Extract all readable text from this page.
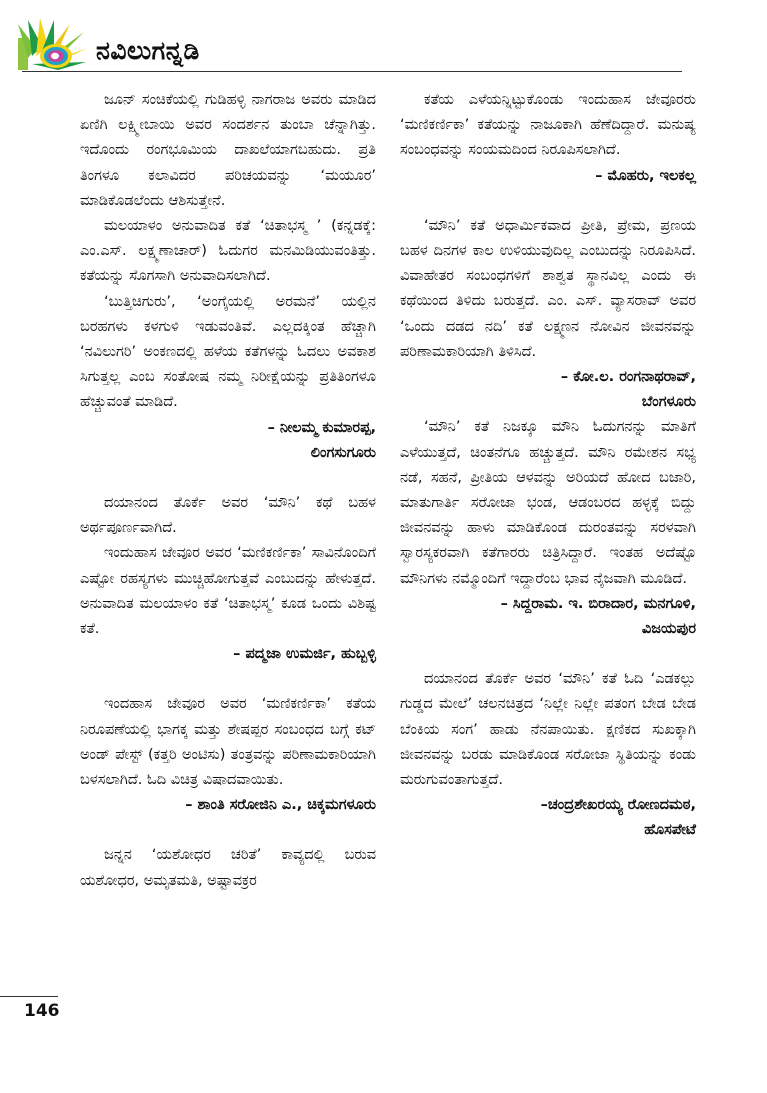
ನವಿಲುಗನ್ನಡಿ

ಜೂನ್ ಸಂಚಿಕೆಯಲ್ಲಿ ಗುಡಿಹಳ್ಳಿ ನಾಗರಾಜ ಅವರು ಮಾಡಿದ ಏಣಿಗಿ ಲಕ್ಷ್ಮೀಬಾಯಿ ಅವರ ಸಂದರ್ಶನ ತುಂಬಾ ಚೆನ್ನಾಗಿತ್ತು. ಇದೊಂದು ರಂಗಭೂಮಿಯ ದಾಖಲೆಯಾಗಬಹುದು. ಪ್ರತಿ ತಿಂಗಳೂ ಕಲಾವಿದರ ಪರಿಚಯವನ್ನು ‘ಮಯೂರ’ ಮಾಡಿಕೊಡಲೆಂದು ಆಶಿಸುತ್ತೇನೆ.

ಮಲಯಾಳಂ ಅನುವಾದಿತ ಕತೆ ‘ಚಿತಾಭಸ್ಮ ’ (ಕನ್ನಡಕ್ಕೆ: ಎಂ.ಎಸ್. ಲಕ್ಷ್ಮಣಾಚಾರ್) ಓದುಗರ ಮನಮಿಡಿಯುವಂತಿತ್ತು. ಕತೆಯನ್ನು ಸೊಗಸಾಗಿ ಅನುವಾದಿಸಲಾಗಿದೆ.

‘ಬುತ್ತಿಚಿಗುರು’, ‘ಅಂಗೈಯಲ್ಲಿ ಅರಮನೆ’ ಯಲ್ಲಿನ ಬರಹಗಳು ಕಳಗುಳಿ ಇಡುವಂತಿವೆ. ಎಲ್ಲದಕ್ಕಿಂತ ಹೆಚ್ಚಾಗಿ ‘ನವಿಲುಗರಿ’ ಅಂಕಣದಲ್ಲಿ ಹಳೆಯ ಕತೆಗಳನ್ನು ಓದಲು ಅವಕಾಶ ಸಿಗುತ್ತಲ್ಲ ಎಂಬ ಸಂತೋಷ ನಮ್ಮ ನಿರೀಕ್ಷೆಯನ್ನು ಪ್ರತಿತಿಂಗಳೂ ಹೆಚ್ಚುವಂತೆ ಮಾಡಿದೆ.

– ನೀಲಮ್ಮ ಕುಮಾರಪ್ಪ,

ಲಿಂಗಸುಗೂರು

ದಯಾನಂದ ತೊರ್ಕೆ ಅವರ ‘ಮೌನಿ’ ಕಥೆ ಬಹಳ ಅರ್ಥಪೂರ್ಣವಾಗಿದೆ.

ಇಂದುಹಾಸ ಜೇವೂರ ಅವರ ‘ಮಣಿಕರ್ಣಿಕಾ’ ಸಾವಿನೊಂದಿಗೆ ಎಷ್ಟೋ ರಹಸ್ಯಗಳು ಮುಚ್ಚಿಹೋಗುತ್ತವೆ ಎಂಬುದನ್ನು ಹೇಳುತ್ತದೆ. ಅನುವಾದಿತ ಮಲಯಾಳಂ ಕತೆ ‘ಚಿತಾಭಸ್ಮ’ ಕೂಡ ಒಂದು ವಿಶಿಷ್ಟ ಕತೆ.

– ಪದ್ಮಜಾ ಉಮರ್ಜಿ, ಹುಬ್ಬಳ್ಳಿ

ಇಂದಹಾಸ ಜೇವೂರ ಅವರ ‘ಮಣಿಕರ್ಣಿಕಾ’ ಕತೆಯ ನಿರೂಪಣೆಯಲ್ಲಿ ಭಾಗಕ್ಕ ಮತ್ತು ಶೇಷಪ್ಪರ ಸಂಬಂಧದ ಬಗ್ಗೆ ಕಟ್ ಅಂಡ್ ಪೇಸ್ಟ್ (ಕತ್ತರಿ ಅಂಟಿಸು) ತಂತ್ರವನ್ನು ಪರಿಣಾಮಕಾರಿಯಾಗಿ ಬಳಸಲಾಗಿದೆ. ಓದಿ ವಿಚಿತ್ರ ವಿಷಾದವಾಯಿತು.

– ಶಾಂತಿ ಸರೋಜಿನಿ ಎ., ಚಿಕ್ಕಮಗಳೂರು

ಜನ್ನನ ‘ಯಶೋಧರ ಚರಿತೆ’ ಕಾವ್ಯದಲ್ಲಿ ಬರುವ ಯಶೋಧರ, ಅಮೃತಮತಿ, ಅಷ್ಟಾವಕ್ರರ

ಕತೆಯ ಎಳೆಯನ್ನಿಟ್ಟುಕೊಂಡು ಇಂದುಹಾಸ ಜೇವೂರರು ‘ಮಣಿಕರ್ಣಿಕಾ’ ಕತೆಯನ್ನು ನಾಜೂಕಾಗಿ ಹೆಣೆದಿದ್ದಾರೆ. ಮನುಷ್ಯ ಸಂಬಂಧವನ್ನು ಸಂಯಮದಿಂದ ನಿರೂಪಿಸಲಾಗಿದೆ.

– ಮೊಹರು, ಇಲಕಲ್ಲ

‘ಮೌನಿ’ ಕತೆ ಅಧಾರ್ಮಿಕವಾದ ಪ್ರೀತಿ, ಪ್ರೇಮ, ಪ್ರಣಯ ಬಹಳ ದಿನಗಳ ಕಾಲ ಉಳಿಯುವುದಿಲ್ಲ ಎಂಬುದನ್ನು ನಿರೂಪಿಸಿದೆ. ವಿವಾಹೇತರ ಸಂಬಂಧಗಳಿಗೆ ಶಾಶ್ವತ ಸ್ಥಾನವಿಲ್ಲ ಎಂದು ಈ ಕಥೆಯಿಂದ ತಿಳಿದು ಬರುತ್ತದೆ. ಎಂ. ಎಸ್. ವ್ಯಾಸರಾವ್ ಅವರ ‘ಒಂದು ದಡದ ನದಿ’ ಕತೆ ಲಕ್ಷ್ಮಣನ ನೋವಿನ ಜೀವನವನ್ನು ಪರಿಣಾಮಕಾರಿಯಾಗಿ ತಿಳಿಸಿದೆ.

– ಕೋ.ಲ. ರಂಗನಾಥರಾವ್,

ಬೆಂಗಳೂರು

‘ಮೌನಿ’ ಕತೆ ನಿಜಕ್ಕೂ ಮೌನಿ ಓದುಗನನ್ನು ಮಾತಿಗೆ ಎಳೆಯುತ್ತದೆ, ಚಿಂತನೆಗೂ ಹಚ್ಚುತ್ತದೆ. ಮೌನಿ ರಮೇಶನ ಸಭ್ಯ ನಡೆ, ಸಹನೆ, ಪ್ರೀತಿಯ ಆಳವನ್ನು ಅರಿಯದೆ ಹೋದ ಬಜಾರಿ, ಮಾತುಗಾರ್ತಿ ಸರೋಜಾ ಭಂಡ, ಆಡಂಬರದ ಹಳ್ಳಕ್ಕೆ ಬಿದ್ದು ಜೀವನವನ್ನು ಹಾಳು ಮಾಡಿಕೊಂಡ ದುರಂತವನ್ನು ಸರಳವಾಗಿ ಸ್ವಾರಸ್ಯಕರವಾಗಿ ಕತೆಗಾರರು ಚಿತ್ರಿಸಿದ್ದಾರೆ. ಇಂತಹ ಅದೆಷ್ಟೊ ಮೌನಿಗಳು ನಮ್ಮೊಂದಿಗೆ ಇದ್ದಾರೆಂಬ ಭಾವ ನೈಜವಾಗಿ ಮೂಡಿದೆ.

– ಸಿದ್ದರಾಮ. ಇ. ಬಿರಾದಾರ, ಮನಗೂಳಿ,

ವಿಜಯಪುರ

ದಯಾನಂದ ತೊರ್ಕೆ ಅವರ ‘ಮೌನಿ’ ಕತೆ ಓದಿ ‘ಎಡಕಲ್ಲು ಗುಡ್ಡದ ಮೇಲೆ’ ಚಲನಚಿತ್ರದ ‘ನಿಲ್ಲೇ ನಿಲ್ಲೇ ಪತಂಗ ಬೇಡ ಬೇಡ ಬೆಂಕಿಯ ಸಂಗ’ ಹಾಡು ನೆನಪಾಯಿತು. ಕ್ಷಣಿಕದ ಸುಖಕ್ಕಾಗಿ ಜೀವನವನ್ನು ಬರಡು ಮಾಡಿಕೊಂಡ ಸರೋಜಾ ಸ್ಥಿತಿಯನ್ನು ಕಂಡು ಮರುಗುವಂತಾಗುತ್ತದೆ.

–ಚಂದ್ರಶೇಖರಯ್ಯ ರೋಣದಮಠ,

ಹೊಸಪೇಟೆ

146
